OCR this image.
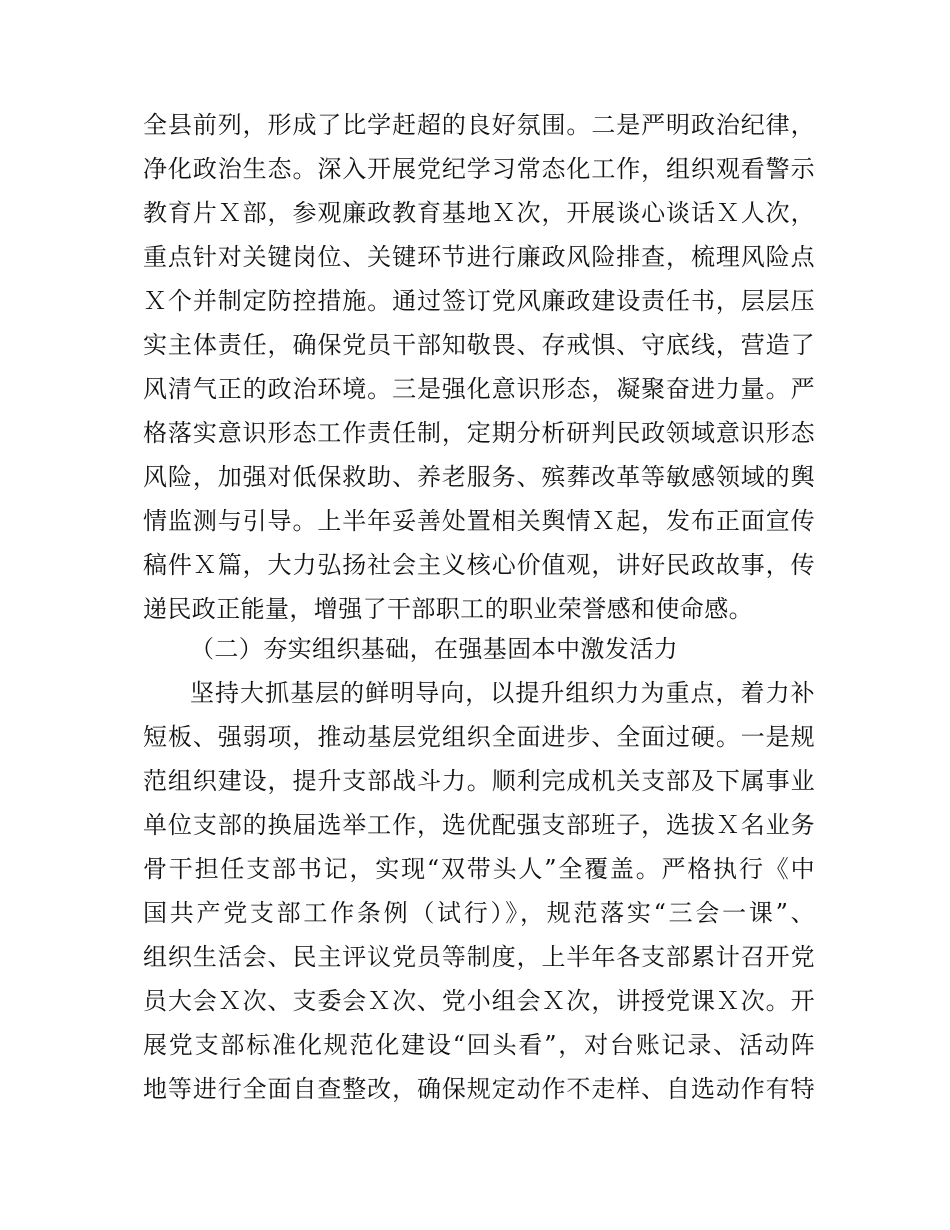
全县前列，形成了比学赶超的良好氛围。二是严明政治纪律，
净化政治生态。深入开展党纪学习常态化工作，组织观看警示
教育片Ｘ部，参观廉政教育基地Ｘ次，开展谈心谈话Ｘ人次，
重点针对关键岗位、关键环节进行廉政风险排查，梳理风险点
Ｘ个并制定防控措施。通过签订党风廉政建设责任书，层层压
实主体责任，确保党员干部知敬畏、存戒惧、守底线，营造了
风清气正的政治环境。三是强化意识形态，凝聚奋进力量。严
格落实意识形态工作责任制，定期分析研判民政领域意识形态
风险，加强对低保救助、养老服务、殡葬改革等敏感领域的舆
情监测与引导。上半年妥善处置相关舆情Ｘ起，发布正面宣传
稿件Ｘ篇，大力弘扬社会主义核心价值观，讲好民政故事，传
递民政正能量，增强了干部职工的职业荣誉感和使命感。
（二）夯实组织基础，在强基固本中激发活力
坚持大抓基层的鲜明导向，以提升组织力为重点，着力补
短板、强弱项，推动基层党组织全面进步、全面过硬。一是规
范组织建设，提升支部战斗力。顺利完成机关支部及下属事业
单位支部的换届选举工作，选优配强支部班子，选拔Ｘ名业务
骨干担任支部书记，实现“双带头人”全覆盖。严格执行《中
国共产党支部工作条例（试行）》，规范落实“三会一课”、
组织生活会、民主评议党员等制度，上半年各支部累计召开党
员大会Ｘ次、支委会Ｘ次、党小组会Ｘ次，讲授党课Ｘ次。开
展党支部标准化规范化建设“回头看”，对台账记录、活动阵
地等进行全面自查整改，确保规定动作不走样、自选动作有特
